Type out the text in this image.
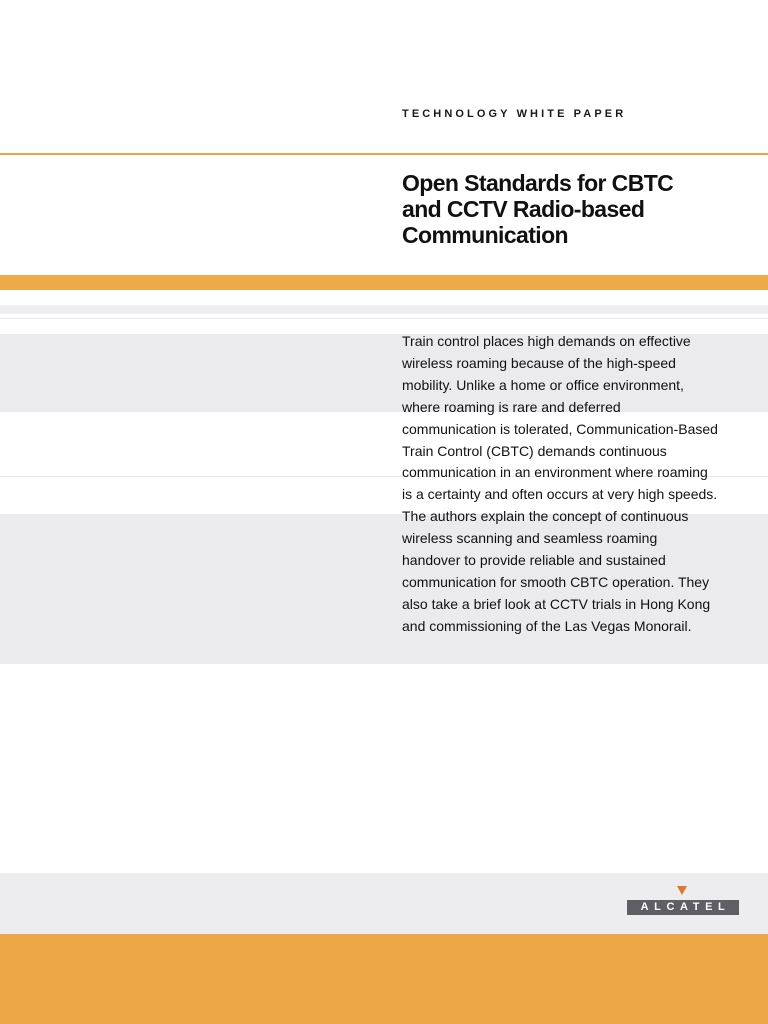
TECHNOLOGY WHITE PAPER
Open Standards for CBTC
and CCTV Radio-based
Communication

Train control places high demands on effective wireless roaming because of the high-speed mobility. Unlike a home or office environment, where roaming is rare and deferred communication is tolerated, Communication-Based Train Control (CBTC) demands continuous communication in an environment where roaming is a certainty and often occurs at very high speeds. The authors explain the concept of continuous wireless scanning and seamless roaming handover to provide reliable and sustained communication for smooth CBTC operation. They also take a brief look at CCTV trials in Hong Kong and commissioning of the Las Vegas Monorail.

ALCATEL
